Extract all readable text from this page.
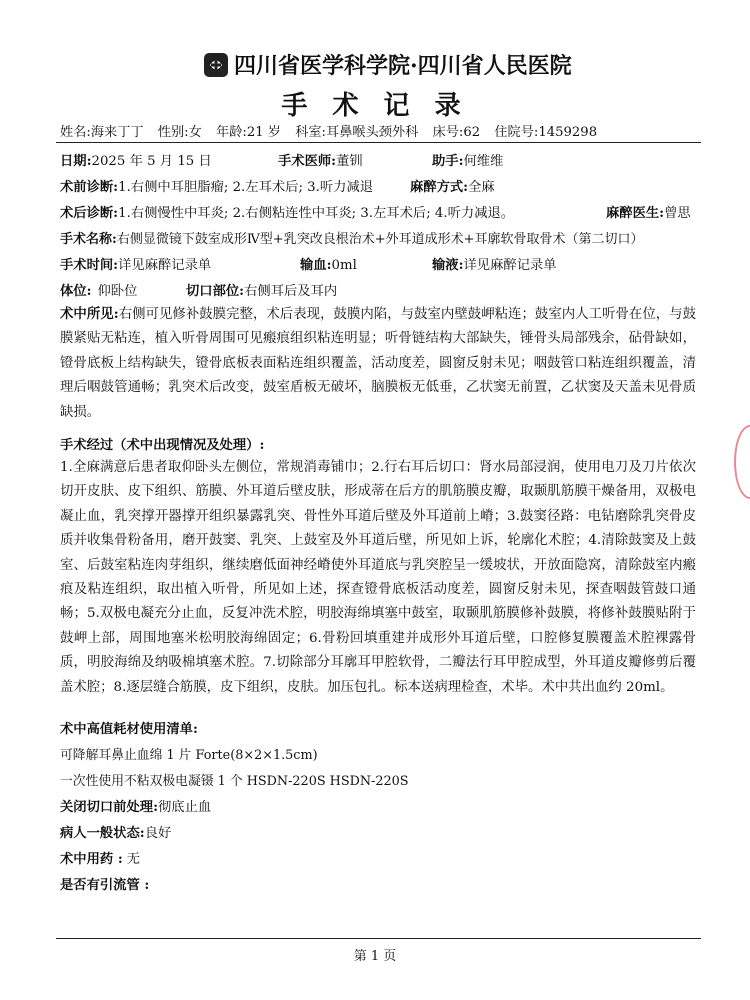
四川省医学科学院·四川省人民医院
手 术 记 录
姓名:海来丁丁 性别:女 年龄:21 岁 科室:耳鼻喉头颈外科 床号:62 住院号:1459298
日期:2025 年 5 月 15 日	手术医师:董钏	助手:何维维
术前诊断:1.右侧中耳胆脂瘤; 2.左耳术后; 3.听力减退	麻醉方式:全麻
术后诊断:1.右侧慢性中耳炎; 2.右侧粘连性中耳炎; 3.左耳术后; 4.听力减退。	麻醉医生:曾思
手术名称:右侧显微镜下鼓室成形Ⅳ型+乳突改良根治术+外耳道成形术+耳廓软骨取骨术（第二切口）
手术时间:详见麻醉记录单	输血:0ml	输液:详见麻醉记录单
体位: 仰卧位	切口部位:右侧耳后及耳内
术中所见:右侧可见修补鼓膜完整，术后表现，鼓膜内陷，与鼓室内壁鼓岬粘连；鼓室内人工听骨在位，与鼓膜紧贴无粘连，植入听骨周围可见瘢痕组织粘连明显；听骨链结构大部缺失，锤骨头局部残余，砧骨缺如，镫骨底板上结构缺失，镫骨底板表面粘连组织覆盖，活动度差，圆窗反射未见；咽鼓管口粘连组织覆盖，清理后咽鼓管通畅；乳突术后改变，鼓室盾板无破坏，脑膜板无低垂，乙状窦无前置，乙状窦及天盖未见骨质缺损。
手术经过（术中出现情况及处理）:
1.全麻满意后患者取仰卧头左侧位，常规消毒铺巾；2.行右耳后切口：肾水局部浸润，使用电刀及刀片依次切开皮肤、皮下组织、筋膜、外耳道后壁皮肤，形成蒂在后方的肌筋膜皮瓣，取颞肌筋膜干燥备用，双极电凝止血，乳突撑开器撑开组织暴露乳突、骨性外耳道后壁及外耳道前上嵴；3.鼓窦径路：电钻磨除乳突骨皮质并收集骨粉备用，磨开鼓窦、乳突、上鼓室及外耳道后壁，所见如上诉，轮廓化术腔；4.清除鼓窦及上鼓室、后鼓室粘连肉芽组织，继续磨低面神经嵴使外耳道底与乳突腔呈一缓坡状，开放面隐窝，清除鼓室内瘢痕及粘连组织，取出植入听骨，所见如上述，探查镫骨底板活动度差，圆窗反射未见，探查咽鼓管鼓口通畅；5.双极电凝充分止血，反复冲洗术腔，明胶海绵填塞中鼓室，取颞肌筋膜修补鼓膜，将修补鼓膜贴附于鼓岬上部，周围地塞米松明胶海绵固定；6.骨粉回填重建并成形外耳道后壁，口腔修复膜覆盖术腔裸露骨质，明胶海绵及纳吸棉填塞术腔。7.切除部分耳廓耳甲腔软骨，二瓣法行耳甲腔成型，外耳道皮瓣修剪后覆盖术腔；8.逐层缝合筋膜，皮下组织，皮肤。加压包扎。标本送病理检查，术毕。术中共出血约 20ml。
术中高值耗材使用清单:
可降解耳鼻止血绵 1 片 Forte(8×2×1.5cm)
一次性使用不粘双极电凝镊 1 个 HSDN-220S HSDN-220S
关闭切口前处理:彻底止血
病人一般状态:良好
术中用药 : 无
是否有引流管 :
第 1 页
